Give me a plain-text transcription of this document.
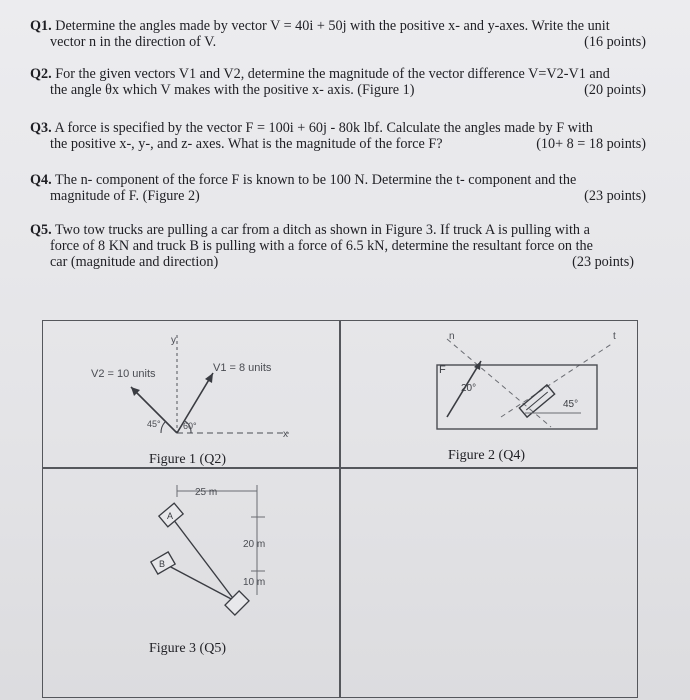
Q1. Determine the angles made by vector V = 40i + 50j with the positive x- and y-axes. Write the unit
vector n in the direction of V.	(16 points)
Q2. For the given vectors V1 and V2, determine the magnitude of the vector difference V=V2-V1 and
the angle θx which V makes with the positive x- axis. (Figure 1)	(20 points)
Q3. A force is specified by the vector F = 100i + 60j - 80k lbf. Calculate the angles made by F with
the positive x-, y-, and z- axes. What is the magnitude of the force F?	(10+ 8 = 18 points)
Q4. The n- component of the force F is known to be 100 N. Determine the t- component and the
magnitude of F. (Figure 2)	(23 points)
Q5. Two tow trucks are pulling a car from a ditch as shown in Figure 3. If truck A is pulling with a
force of 8 KN and truck B is pulling with a force of 6.5 kN, determine the resultant force on the
car (magnitude and direction)	(23 points)
V2 = 10 units	V1 = 8 units
45° 60°
x
y
Figure 1 (Q2)
F
20°
45°
n	t
Figure 2 (Q4)
25 m
20 m
10 m
A
B
Figure 3 (Q5)
